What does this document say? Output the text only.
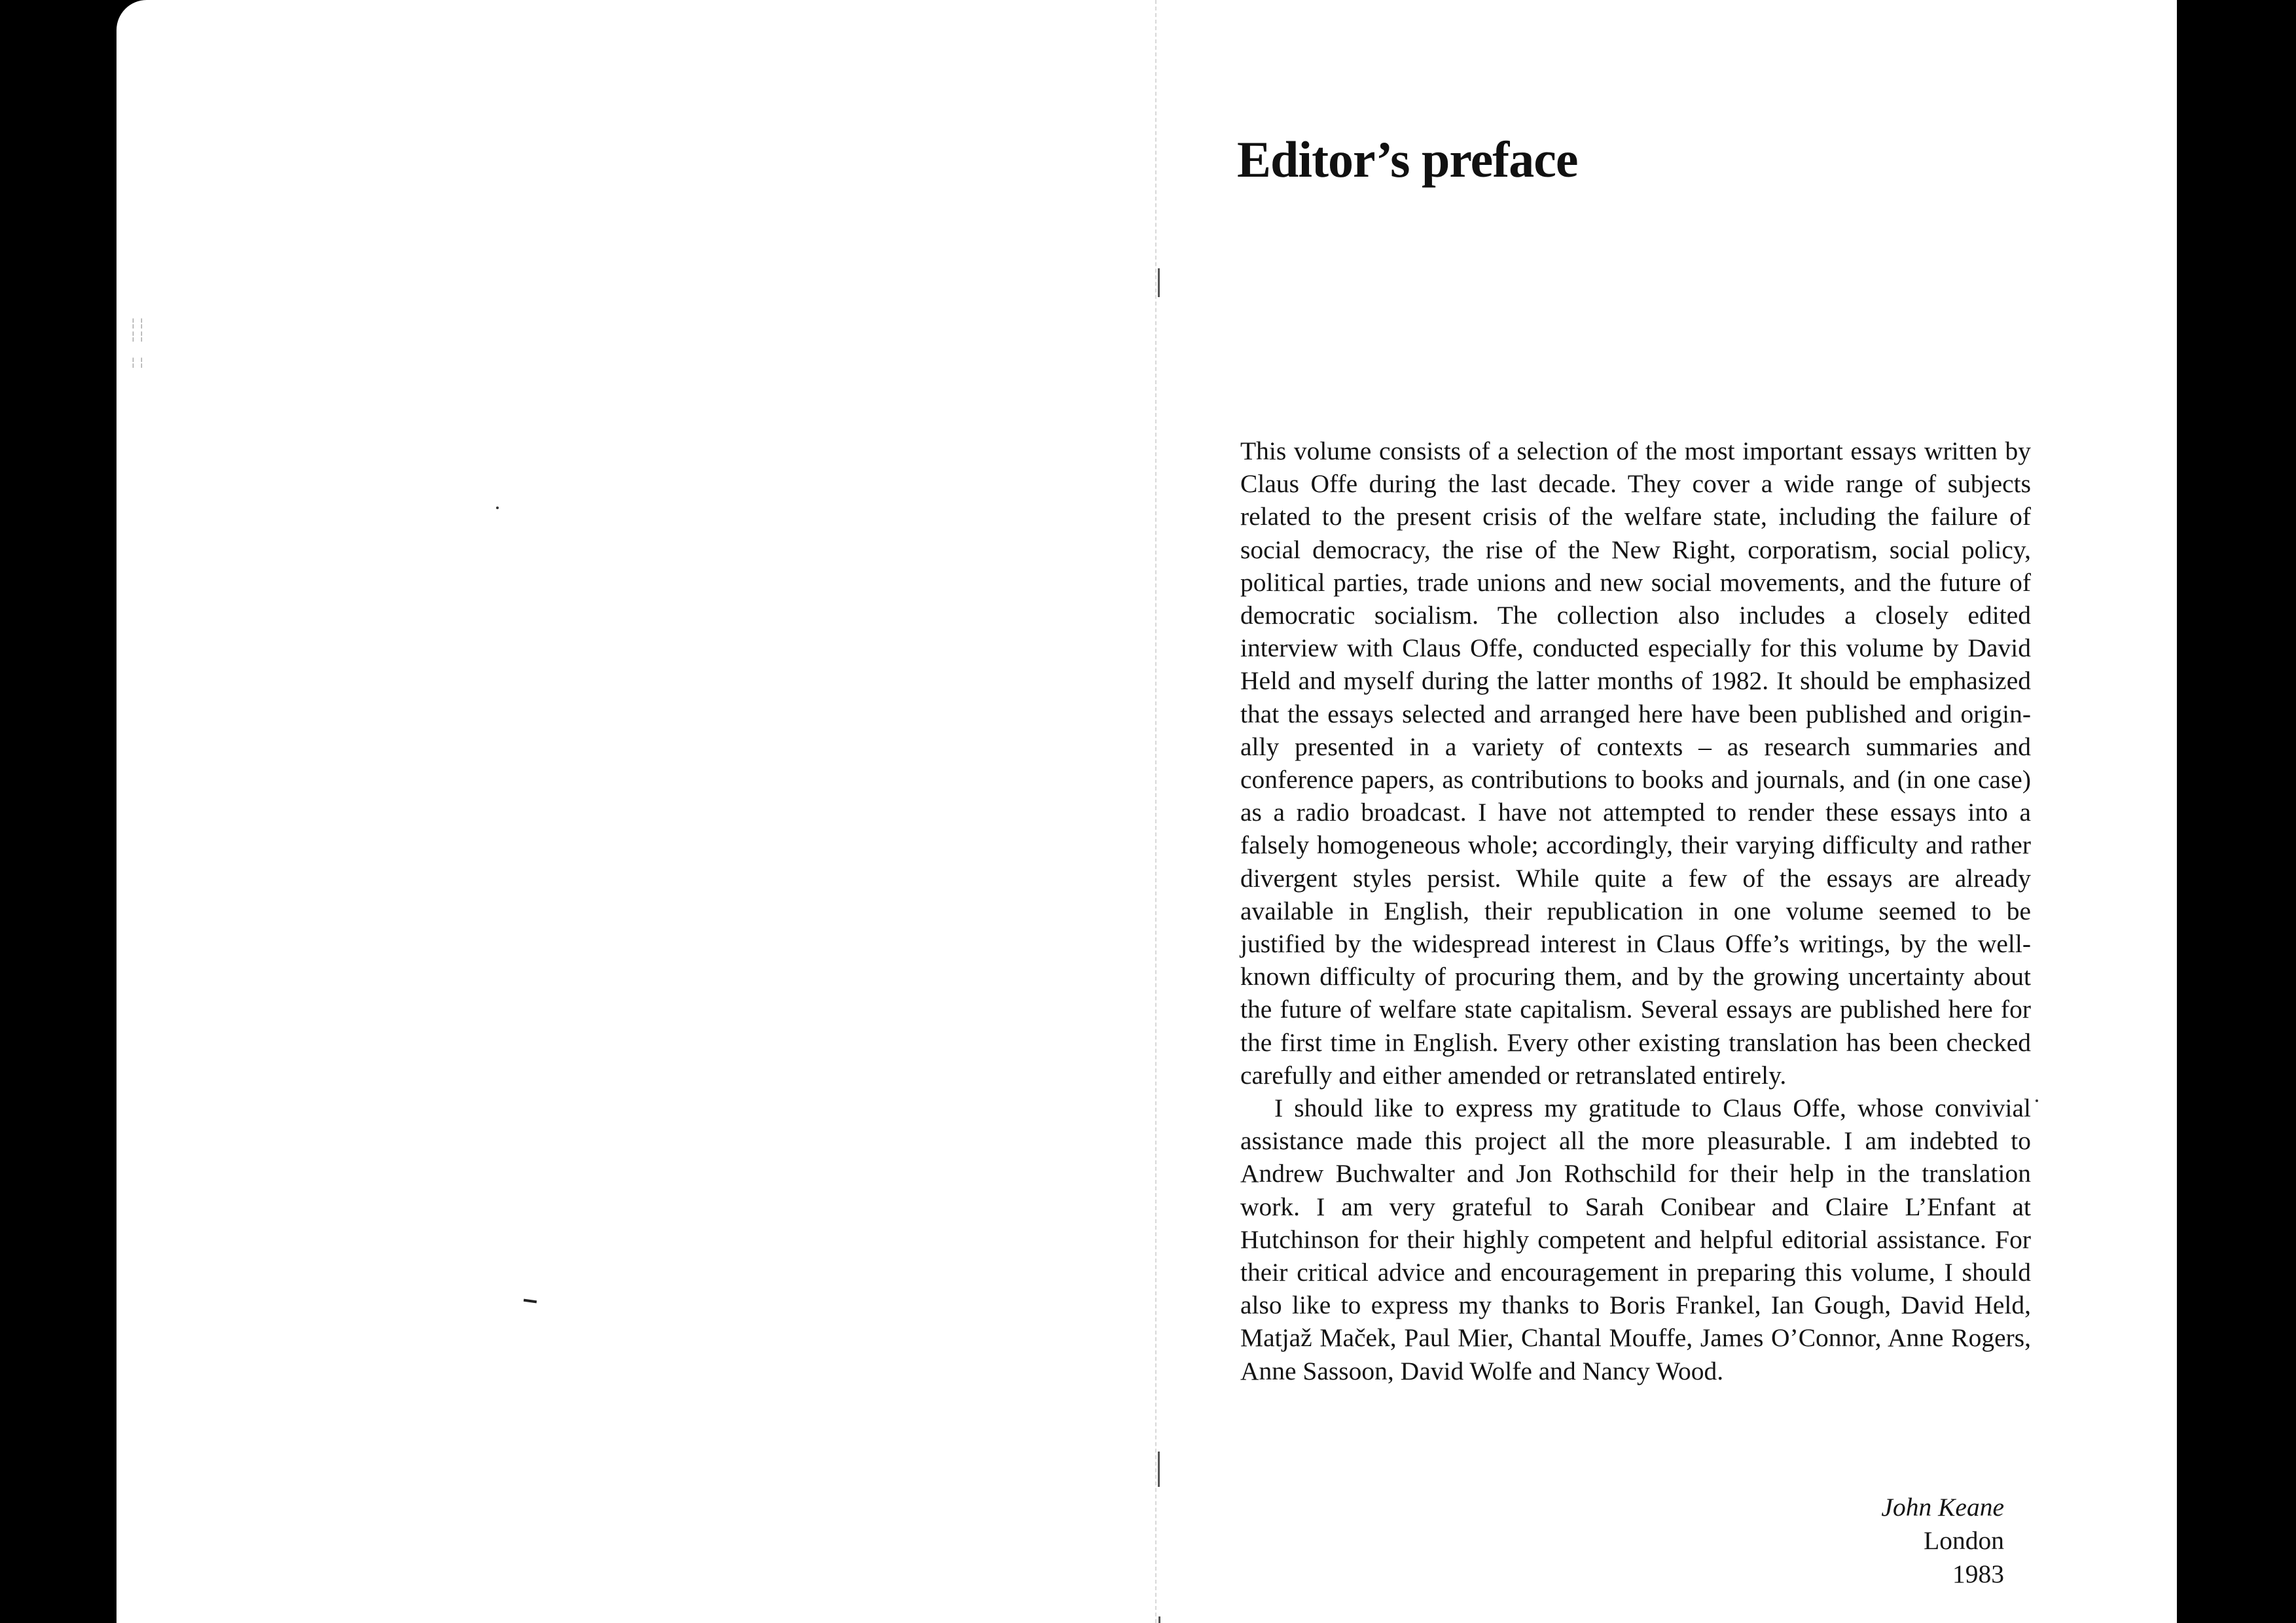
¦¦
¦¦

¦¦
Editor’s preface

This volume consists of a selection of the most important essays written by Claus Offe during the last decade. They cover a wide range of subjects related to the present crisis of the welfare state, including the failure of social democracy, the rise of the New Right, corporatism, social policy, political parties, trade unions and new social movements, and the future of democratic socialism. The collection also includes a closely edited interview with Claus Offe, conducted especially for this volume by David Held and myself during the latter months of 1982. It should be emphasized that the essays selected and arranged here have been published and originally presented in a variety of contexts – as research summaries and conference papers, as contributions to books and journals, and (in one case) as a radio broadcast. I have not attempted to render these essays into a falsely homogeneous whole; accordingly, their varying difficulty and rather divergent styles persist. While quite a few of the essays are already available in English, their republication in one volume seemed to be justified by the widespread interest in Claus Offe’s writings, by the well-known difficulty of procuring them, and by the growing uncertainty about the future of welfare state capitalism. Several essays are published here for the first time in English. Every other existing translation has been checked carefully and either amended or retranslated entirely.

I should like to express my gratitude to Claus Offe, whose convivial assistance made this project all the more pleasurable. I am indebted to Andrew Buchwalter and Jon Rothschild for their help in the translation work. I am very grateful to Sarah Conibear and Claire L’Enfant at Hutchinson for their highly competent and helpful editorial assistance. For their critical advice and encouragement in preparing this volume, I should also like to express my thanks to Boris Frankel, Ian Gough, David Held, Matjaž Maček, Paul Mier, Chantal Mouffe, James O’Connor, Anne Rogers, Anne Sassoon, David Wolfe and Nancy Wood.

John Keane
London
1983
